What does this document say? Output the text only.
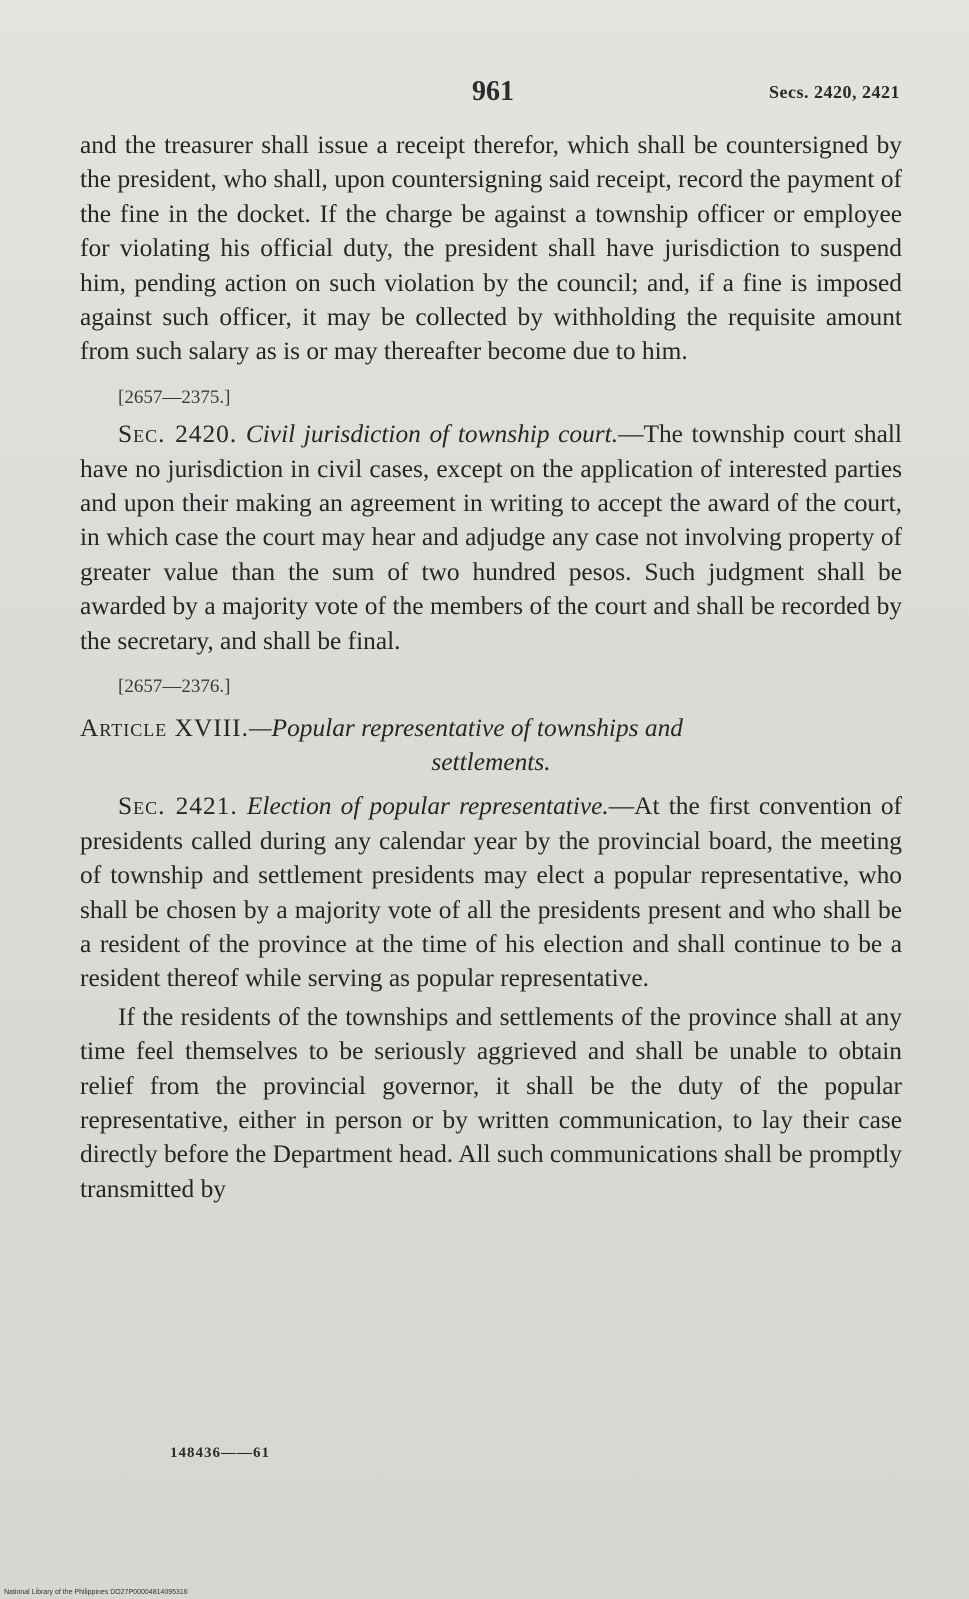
961	Secs. 2420, 2421

and the treasurer shall issue a receipt therefor, which shall be countersigned by the president, who shall, upon countersigning said receipt, record the payment of the fine in the docket. If the charge be against a township officer or employee for violating his official duty, the president shall have jurisdiction to suspend him, pending action on such violation by the council; and, if a fine is imposed against such officer, it may be collected by withholding the requisite amount from such salary as is or may thereafter become due to him.

[2657—2375.]

Sec. 2420. Civil jurisdiction of township court.—The township court shall have no jurisdiction in civil cases, except on the application of interested parties and upon their making an agreement in writing to accept the award of the court, in which case the court may hear and adjudge any case not involving property of greater value than the sum of two hundred pesos. Such judgment shall be awarded by a majority vote of the members of the court and shall be recorded by the secretary, and shall be final.

[2657—2376.]
Article XVIII.—Popular representative of townships and
settlements.

Sec. 2421. Election of popular representative.—At the first convention of presidents called during any calendar year by the provincial board, the meeting of township and settlement presidents may elect a popular representative, who shall be chosen by a majority vote of all the presidents present and who shall be a resident of the province at the time of his election and shall continue to be a resident thereof while serving as popular representative.

If the residents of the townships and settlements of the province shall at any time feel themselves to be seriously aggrieved and shall be unable to obtain relief from the provincial governor, it shall be the duty of the popular representative, either in person or by written communication, to lay their case directly before the Department head. All such communications shall be promptly transmitted by

148436——61
National Library of the Philippines DO27P00004814095316
